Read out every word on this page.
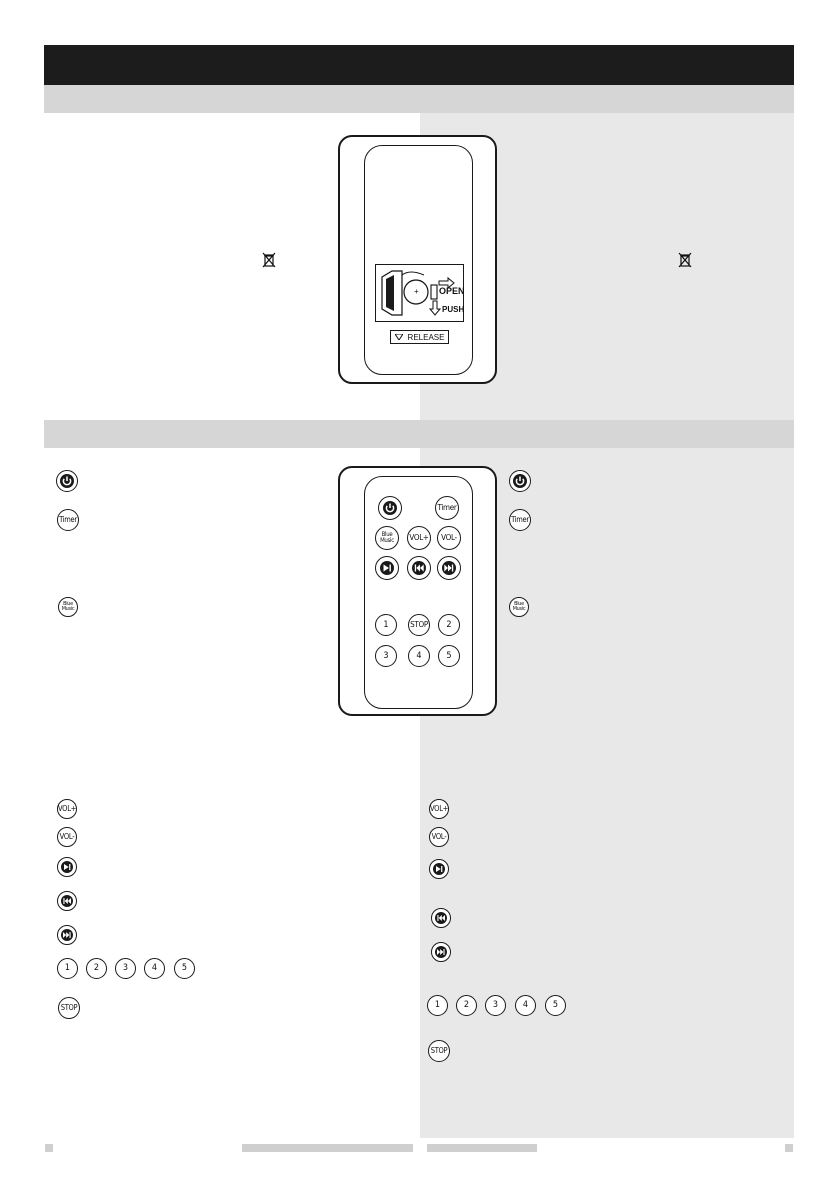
+ OPEN
PUSH
RELEASE
Timer
Blue
Music VOL+ VOL-
1	STOP 2
3	4	5
Timer
Blue
Music
Timer
Blue
Music
VOL+
VOL-
1	2	3	4	5
STOP
VOL+
VOL-
1	2	3	4	5
STOP
